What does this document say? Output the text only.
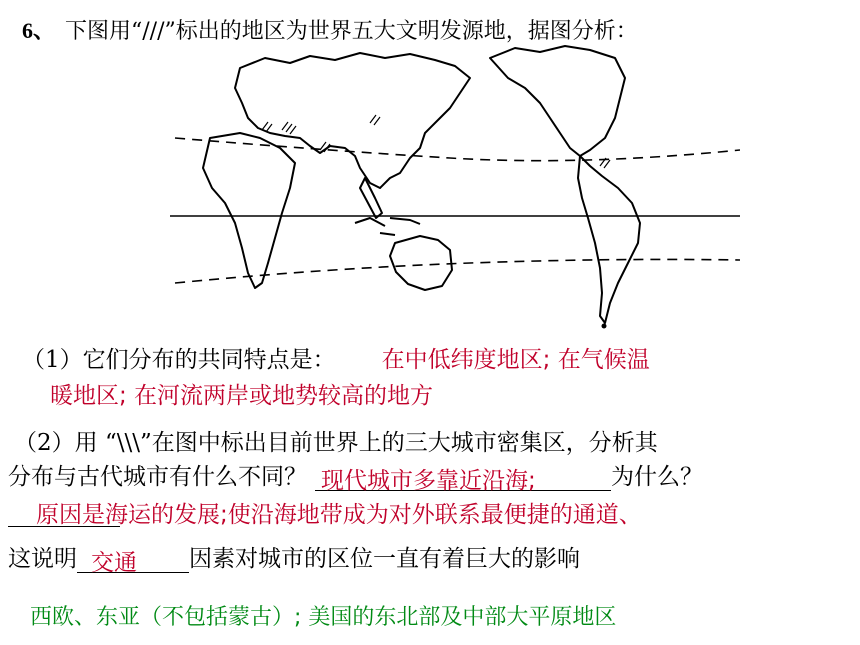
6、 下图用“///”标出的地区为世界五大文明发源地，据图分析：
（1）它们分布的共同特点是： 在中低纬度地区; 在气候温
暖地区; 在河流两岸或地势较高的地方
（2）用 “\\\”在图中标出目前世界上的三大城市密集区，分析其
分布与古代城市有什么不同？ 现代城市多靠近沿海;	为什么？
原因是海运的发展;使沿海地带成为对外联系最便捷的通道、
这说明 交通 因素对城市的区位一直有着巨大的影响
西欧、东亚（不包括蒙古）; 美国的东北部及中部大平原地区
